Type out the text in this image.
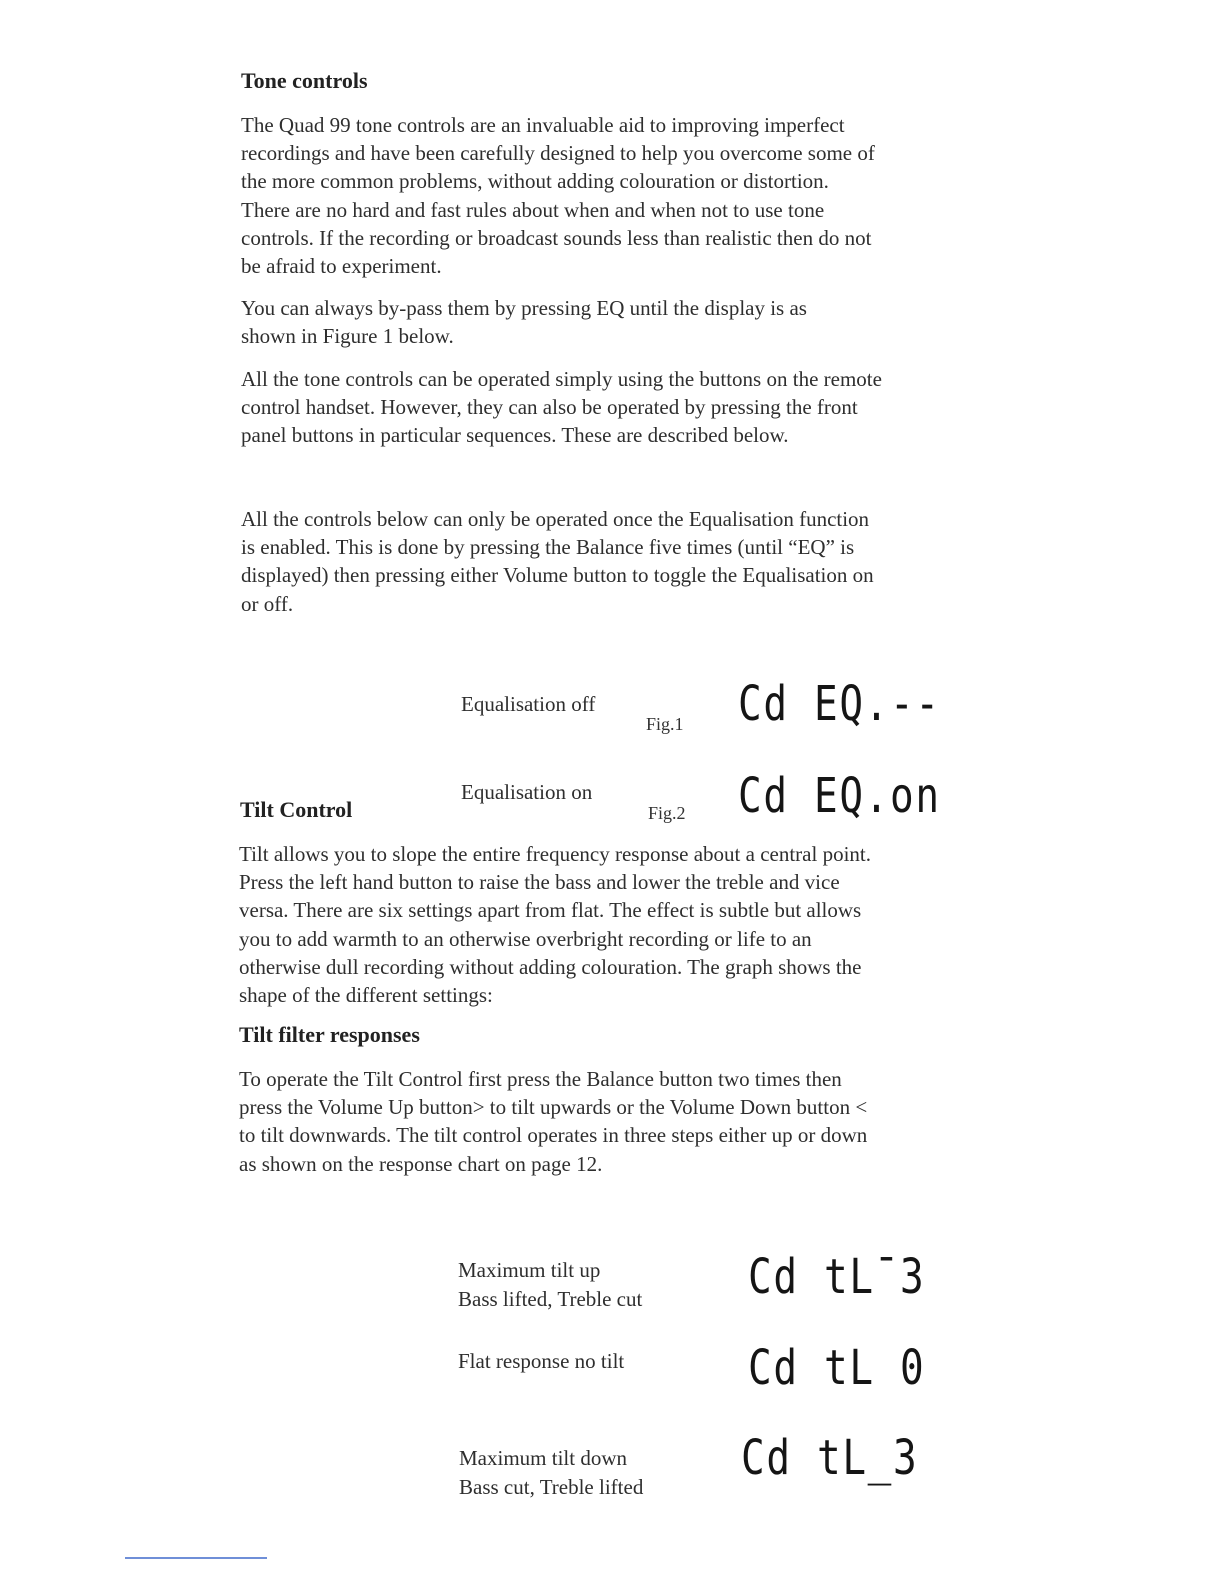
Tone controls
The Quad 99 tone controls are an invaluable aid to improving imperfect
recordings and have been carefully designed to help you overcome some of
the more common problems, without adding colouration or distortion.
There are no hard and fast rules about when and when not to use tone
controls. If the recording or broadcast sounds less than realistic then do not
be afraid to experiment.
You can always by-pass them by pressing EQ until the display is as
shown in Figure 1 below.
All the tone controls can be operated simply using the buttons on the remote
control handset. However, they can also be operated by pressing the front
panel buttons in particular sequences. These are described below.
All the controls below can only be operated once the Equalisation function
is enabled. This is done by pressing the Balance five times (until “EQ” is
displayed) then pressing either Volume button to toggle the Equalisation on
or off.
Equalisation off
Fig.1 Cd EQ.--
Equalisation on
Fig.2 Cd EQ.on
Tilt Control
Tilt allows you to slope the entire frequency response about a central point.
Press the left hand button to raise the bass and lower the treble and vice
versa. There are six settings apart from flat. The effect is subtle but allows
you to add warmth to an otherwise overbright recording or life to an
otherwise dull recording without adding colouration. The graph shows the
shape of the different settings:
Tilt filter responses
To operate the Tilt Control first press the Balance button two times then
press the Volume Up button> to tilt upwards or the Volume Down button <
to tilt downwards. The tilt control operates in three steps either up or down
as shown on the response chart on page 12.
Maximum tilt up
Bass lifted, Treble cut Cd tL¯3
Flat response no tilt	Cd tL 0
Maximum tilt down
Bass cut, Treble lifted
Cd tL_3
